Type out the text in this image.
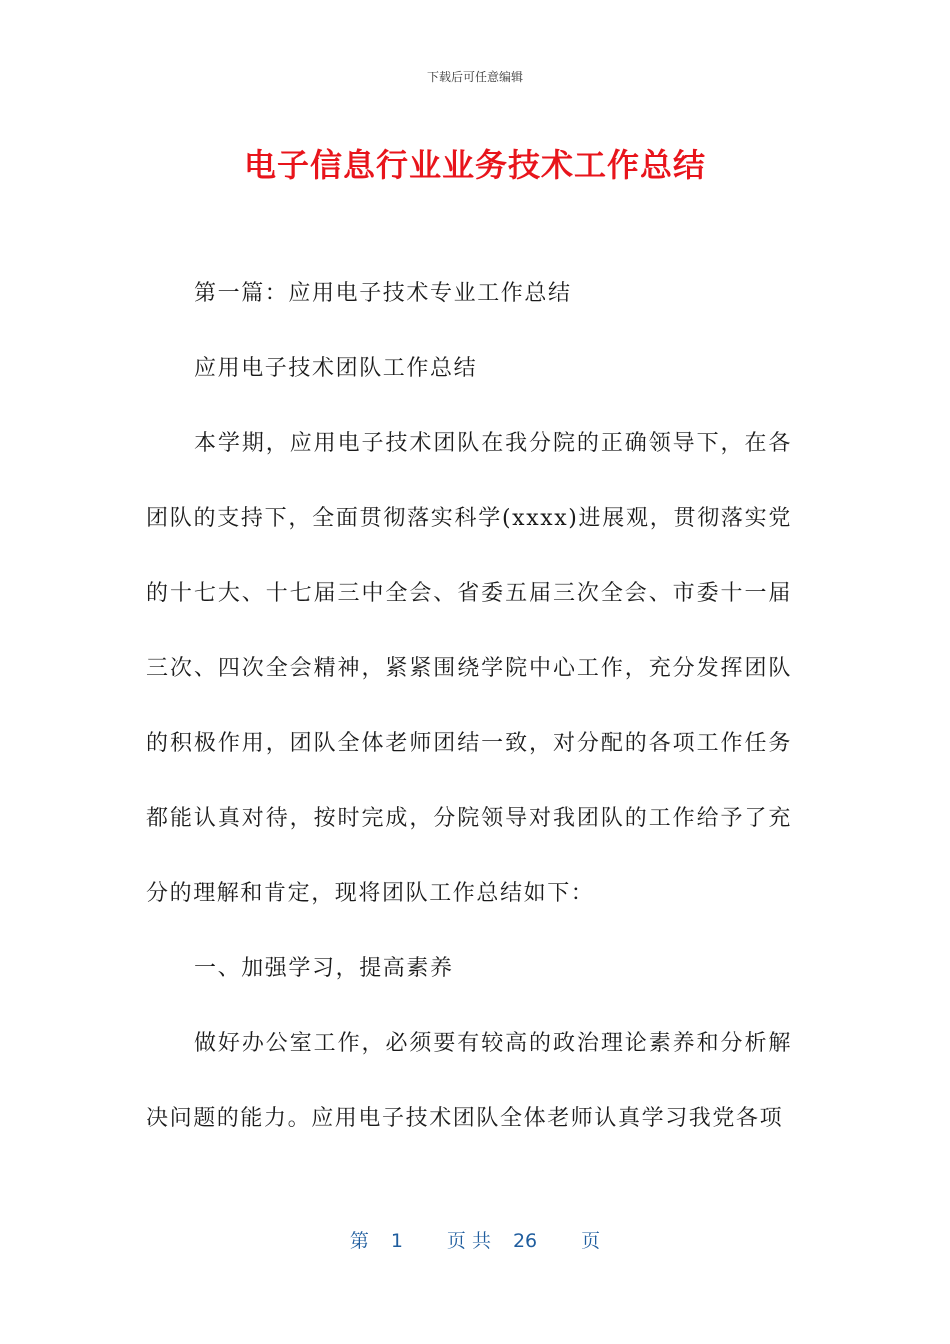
下载后可任意编辑
电子信息行业业务技术工作总结

第一篇：应用电子技术专业工作总结

应用电子技术团队工作总结

本学期，应用电子技术团队在我分院的正确领导下，在各团队的支持下，全面贯彻落实科学(xxxx)进展观，贯彻落实党的十七大、十七届三中全会、省委五届三次全会、市委十一届三次、四次全会精神，紧紧围绕学院中心工作，充分发挥团队的积极作用，团队全体老师团结一致，对分配的各项工作任务都能认真对待，按时完成，分院领导对我团队的工作给予了充分的理解和肯定，现将团队工作总结如下：

一、加强学习，提高素养

做好办公室工作，必须要有较高的政治理论素养和分析解决问题的能力。应用电子技术团队全体老师认真学习我党各项

第 1 页 共 26 页
